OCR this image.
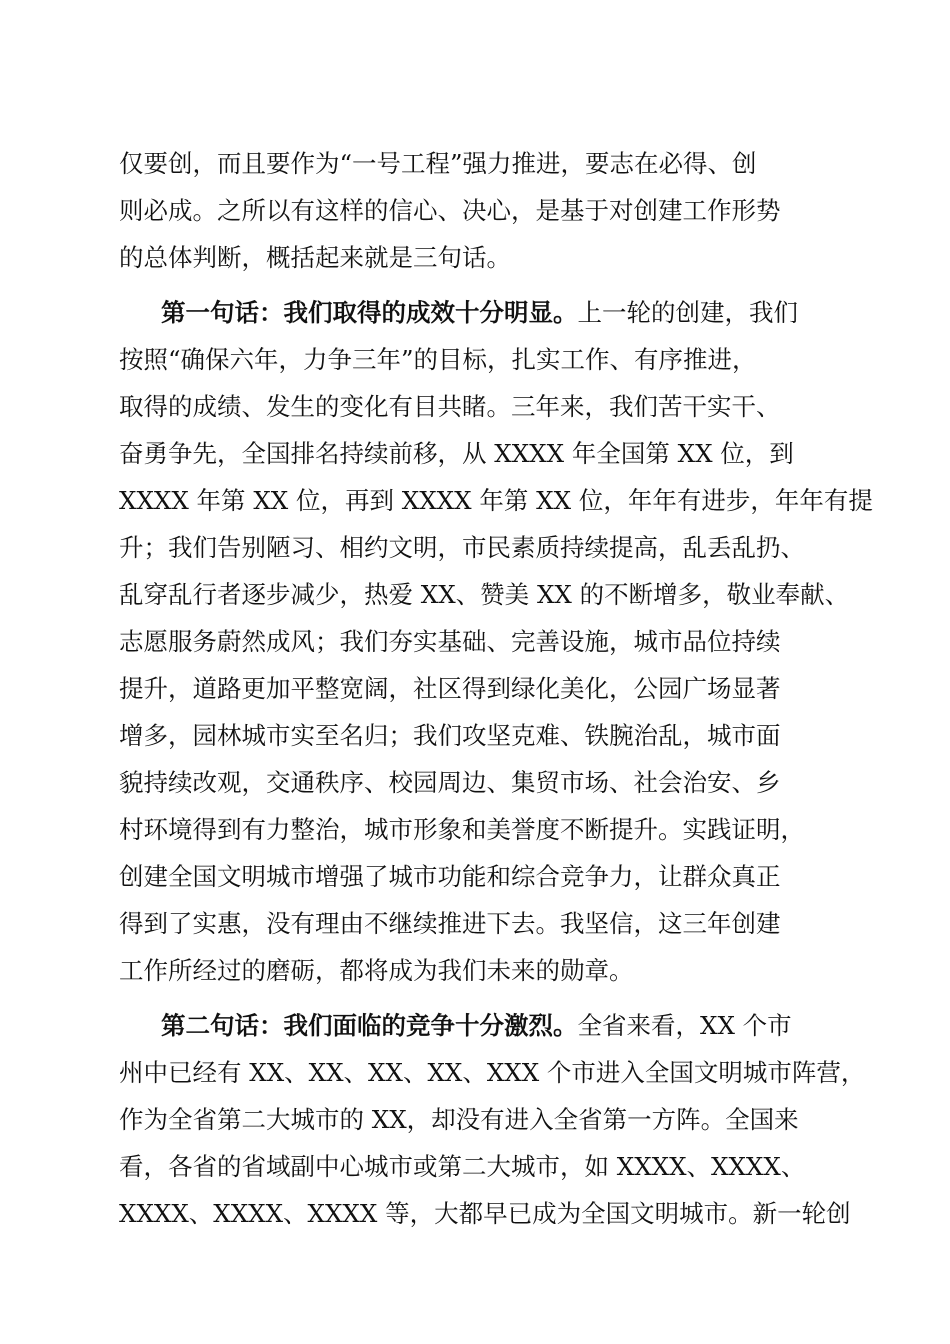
仅要创，而且要作为“一号工程”强力推进，要志在必得、创
则必成。之所以有这样的信心、决心，是基于对创建工作形势
的总体判断，概括起来就是三句话。
第一句话：我们取得的成效十分明显。上一轮的创建，我们
按照“确保六年，力争三年”的目标，扎实工作、有序推进，
取得的成绩、发生的变化有目共睹。三年来，我们苦干实干、
奋勇争先，全国排名持续前移，从 XXXX 年全国第 XX 位，到
XXXX 年第 XX 位，再到 XXXX 年第 XX 位，年年有进步，年年有提
升；我们告别陋习、相约文明，市民素质持续提高，乱丢乱扔、
乱穿乱行者逐步减少，热爱 XX、赞美 XX 的不断增多，敬业奉献、
志愿服务蔚然成风；我们夯实基础、完善设施，城市品位持续
提升，道路更加平整宽阔，社区得到绿化美化，公园广场显著
增多，园林城市实至名归；我们攻坚克难、铁腕治乱，城市面
貌持续改观，交通秩序、校园周边、集贸市场、社会治安、乡
村环境得到有力整治，城市形象和美誉度不断提升。实践证明，
创建全国文明城市增强了城市功能和综合竞争力，让群众真正
得到了实惠，没有理由不继续推进下去。我坚信，这三年创建
工作所经过的磨砺，都将成为我们未来的勋章。
第二句话：我们面临的竞争十分激烈。全省来看，XX 个市
州中已经有 XX、XX、XX、XX、XXX 个市进入全国文明城市阵营，
作为全省第二大城市的 XX，却没有进入全省第一方阵。全国来
看，各省的省域副中心城市或第二大城市，如 XXXX、XXXX、
XXXX、XXXX、XXXX 等，大都早已成为全国文明城市。新一轮创
